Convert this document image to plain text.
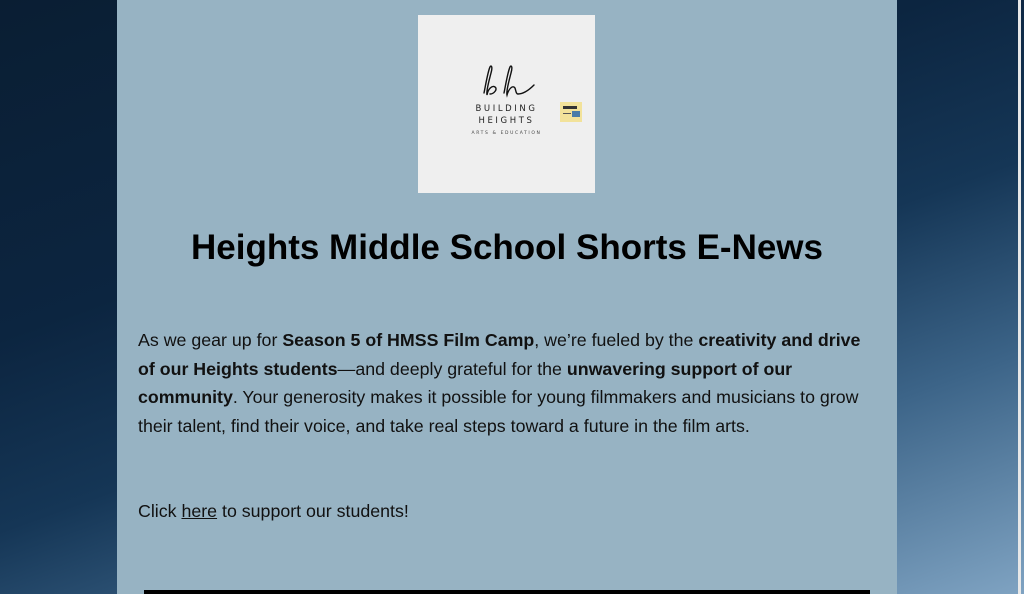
BUILDING
HEIGHTS
ARTS & EDUCATION
Heights Middle School Shorts E-News

As we gear up for Season 5 of HMSS Film Camp, we’re fueled by the creativity and drive of our Heights students—and deeply grateful for the unwavering support of our community. Your generosity makes it possible for young filmmakers and musicians to grow their talent, find their voice, and take real steps toward a future in the film arts.

Click here to support our students!
